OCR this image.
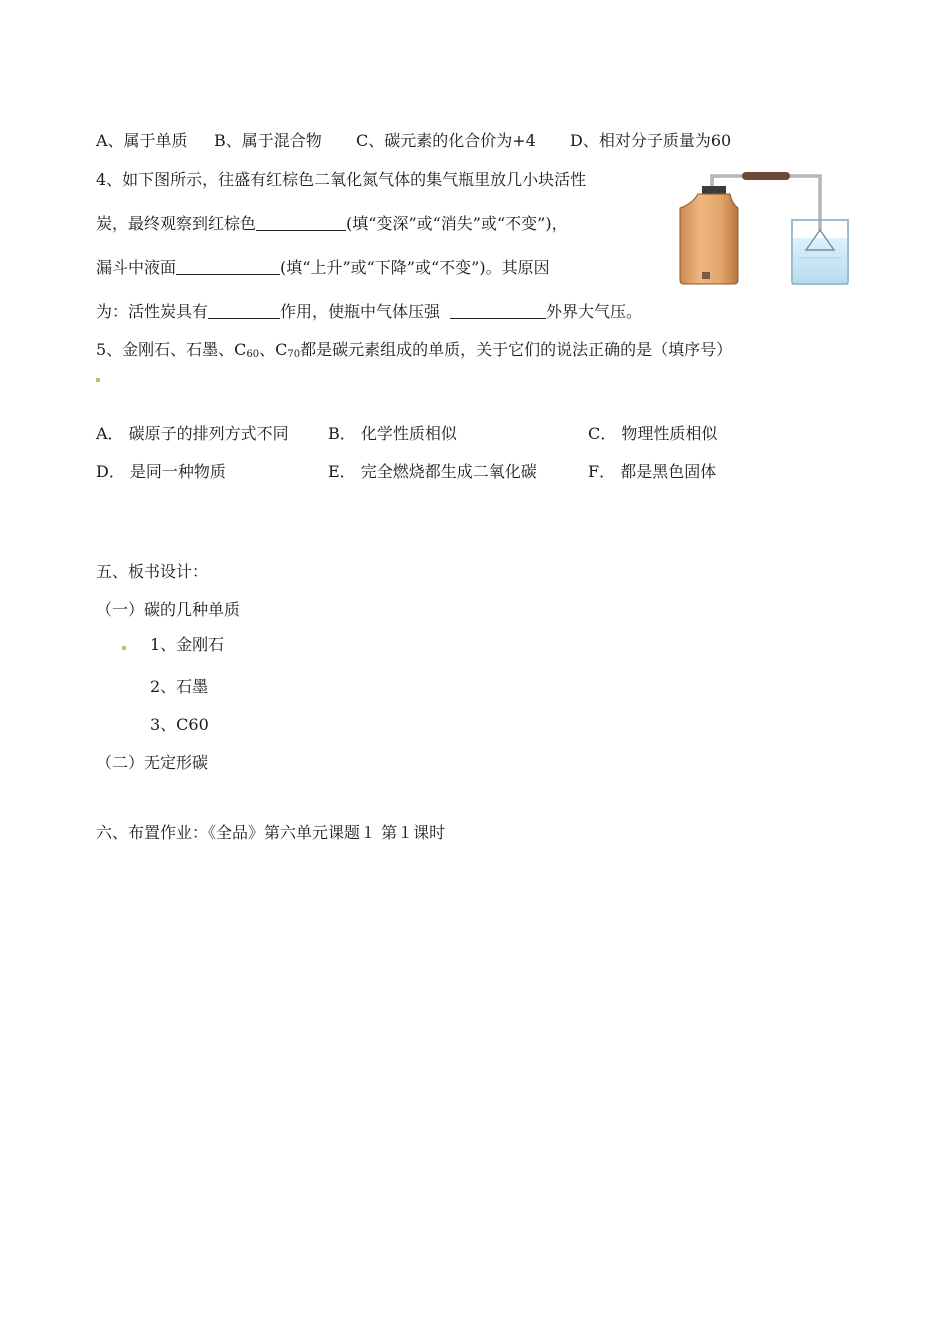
A、属于单质 B、属于混合物 C、碳元素的化合价为+4 D、相对分子质量为60
4、如下图所示，往盛有红棕色二氧化氮气体的集气瓶里放几小块活性
炭，最终观察到红棕色	(填“变深”或“消失”或“不变”)，
漏斗中液面	(填“上升”或“下降”或“不变”)。其原因
为：活性炭具有	作用，使瓶中气体压强	外界大气压。
5、金刚石、石墨、$C_{60}$、$C_{70}$都是碳元素组成的单质，关于它们的说法正确的是（填序号）
A． 碳原子的排列方式不同 B． 化学性质相似	C． 物理性质相似
D． 是同一种物质	E． 完全燃烧都生成二氧化碳	F． 都是黑色固体
五、板书设计：
（一）碳的几种单质
1、金刚石
2、石墨
3、C60
（二）无定形碳
六、布置作业：《全品》第六单元课题１ 第１课时
